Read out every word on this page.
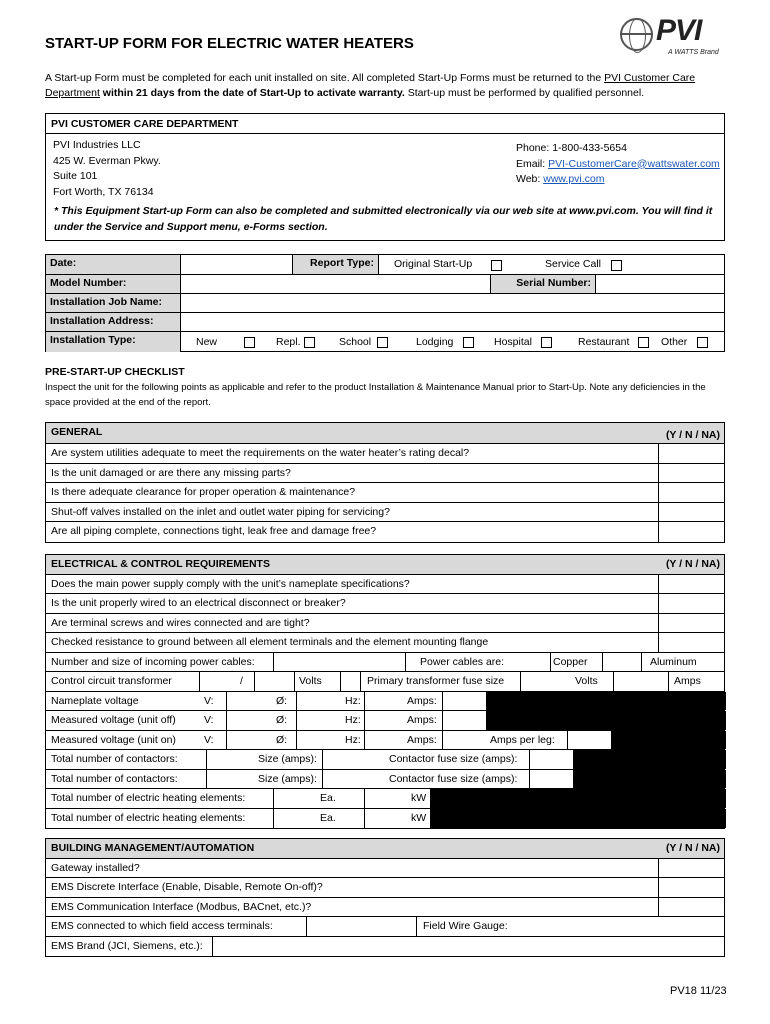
START-UP FORM FOR ELECTRIC WATER HEATERS	PVI
A WATTS Brand
A Start-up Form must be completed for each unit installed on site. All completed Start-Up Forms must be returned to the PVI Customer Care Department within 21 days from the date of Start-Up to activate warranty. Start-up must be performed by qualified personnel.
PVI CUSTOMER CARE DEPARTMENT
PVI Industries LLC
425 W. Everman Pkwy.
Suite 101
Fort Worth, TX 76134
Phone: 1-800-433-5654
Email: PVI-CustomerCare@wattswater.com
Web: www.pvi.com
* This Equipment Start-up Form can also be completed and submitted electronically via our web site at www.pvi.com. You will find it under the Service and Support menu, e-Forms section.
Date:	Report Type:	Original Start-Up	Service Call
Model Number:	Serial Number:
Installation Job Name:
Installation Address:
Installation Type:	New	Repl.	School	Lodging	Hospital	Restaurant	Other
PRE-START-UP CHECKLIST
Inspect the unit for the following points as applicable and refer to the product Installation & Maintenance Manual prior to Start-Up. Note any deficiencies in the space provided at the end of the report.
GENERAL	(Y / N / NA)
Are system utilities adequate to meet the requirements on the water heater’s rating decal?
Is the unit damaged or are there any missing parts?
Is there adequate clearance for proper operation & maintenance?
Shut-off valves installed on the inlet and outlet water piping for servicing?
Are all piping complete, connections tight, leak free and damage free?
ELECTRICAL & CONTROL REQUIREMENTS	(Y / N / NA)
Does the main power supply comply with the unit’s nameplate specifications?
Is the unit properly wired to an electrical disconnect or breaker?
Are terminal screws and wires connected and are tight?
Checked resistance to ground between all element terminals and the element mounting flange
Number and size of incoming power cables:	Power cables are:	Copper	Aluminum
Control circuit transformer	/	Volts	Primary transformer fuse size	Volts	Amps
Nameplate voltage	V:	Ø:	Hz:	Amps:
Measured voltage (unit off)	V:	Ø:	Hz:	Amps:
Measured voltage (unit on)	V:	Ø:	Hz:	Amps:	Amps per leg:
Total number of contactors:	Size (amps):	Contactor fuse size (amps):
Total number of contactors:	Size (amps):	Contactor fuse size (amps):
Total number of electric heating elements:	Ea.	kW
Total number of electric heating elements:	Ea.	kW
BUILDING MANAGEMENT/AUTOMATION	(Y / N / NA)
Gateway installed?
EMS Discrete Interface (Enable, Disable, Remote On-off)?
EMS Communication Interface (Modbus, BACnet, etc.)?
EMS connected to which field access terminals:	Field Wire Gauge:
EMS Brand (JCI, Siemens, etc.):
PV18 11/23
